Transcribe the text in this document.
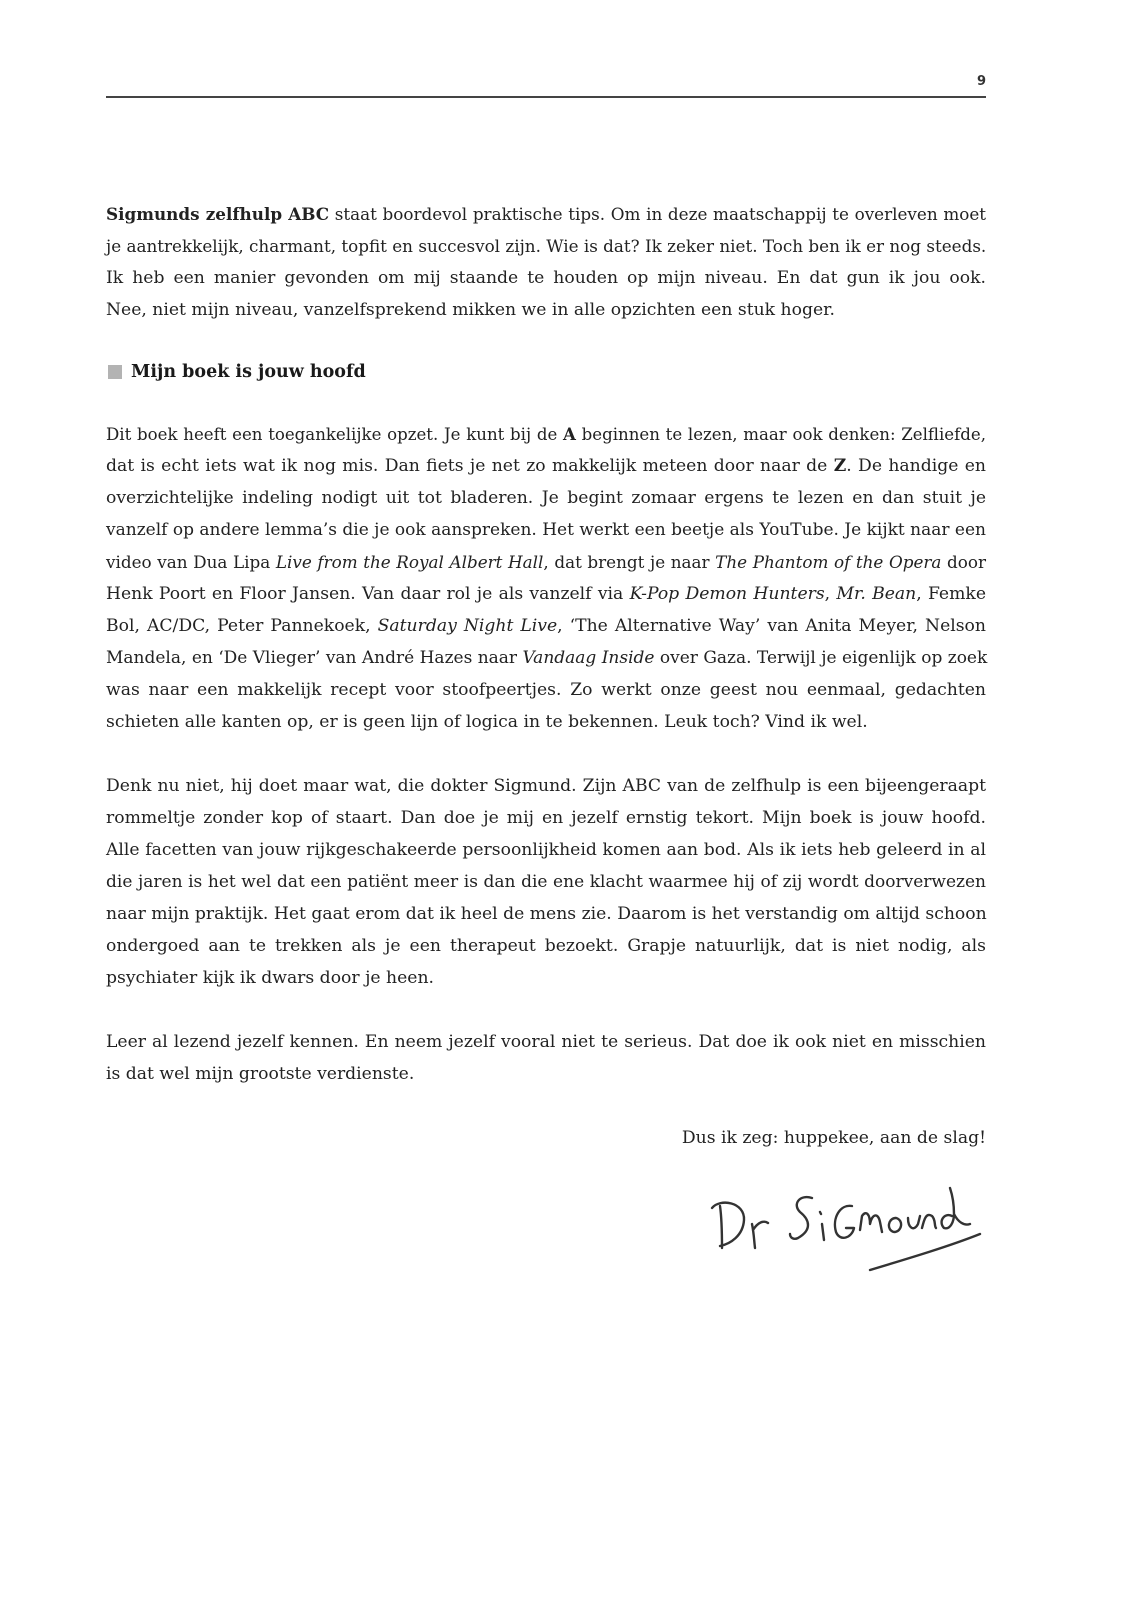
9
Sigmunds zelfhulp ABC staat boordevol praktische tips. Om in deze maatschappij te overleven moet
je aantrekkelijk, charmant, topfit en succesvol zijn. Wie is dat? Ik zeker niet. Toch ben ik er nog steeds.
Ik heb een manier gevonden om mij staande te houden op mijn niveau. En dat gun ik jou ook.
Nee, niet mijn niveau, vanzelfsprekend mikken we in alle opzichten een stuk hoger.
Mijn boek is jouw hoofd
Dit boek heeft een toegankelijke opzet. Je kunt bij de A beginnen te lezen, maar ook denken: Zelfliefde,
dat is echt iets wat ik nog mis. Dan fiets je net zo makkelijk meteen door naar de Z. De handige en
overzichtelijke indeling nodigt uit tot bladeren. Je begint zomaar ergens te lezen en dan stuit je
vanzelf op andere lemma’s die je ook aanspreken. Het werkt een beetje als YouTube. Je kijkt naar een
video van Dua Lipa Live from the Royal Albert Hall, dat brengt je naar The Phantom of the Opera door
Henk Poort en Floor Jansen. Van daar rol je als vanzelf via K-Pop Demon Hunters, Mr. Bean, Femke
Bol, AC/DC, Peter Pannekoek, Saturday Night Live, ‘The Alternative Way’ van Anita Meyer, Nelson
Mandela, en ‘De Vlieger’ van André Hazes naar Vandaag Inside over Gaza. Terwijl je eigenlijk op zoek
was naar een makkelijk recept voor stoofpeertjes. Zo werkt onze geest nou eenmaal, gedachten
schieten alle kanten op, er is geen lijn of logica in te bekennen. Leuk toch? Vind ik wel.
Denk nu niet, hij doet maar wat, die dokter Sigmund. Zijn ABC van de zelfhulp is een bijeengeraapt
rommeltje zonder kop of staart. Dan doe je mij en jezelf ernstig tekort. Mijn boek is jouw hoofd.
Alle facetten van jouw rijkgeschakeerde persoonlijkheid komen aan bod. Als ik iets heb geleerd in al
die jaren is het wel dat een patiënt meer is dan die ene klacht waarmee hij of zij wordt doorverwezen
naar mijn praktijk. Het gaat erom dat ik heel de mens zie. Daarom is het verstandig om altijd schoon
ondergoed aan te trekken als je een therapeut bezoekt. Grapje natuurlijk, dat is niet nodig, als
psychiater kijk ik dwars door je heen.
Leer al lezend jezelf kennen. En neem jezelf vooral niet te serieus. Dat doe ik ook niet en misschien
is dat wel mijn grootste verdienste.
Dus ik zeg: huppekee, aan de slag!
